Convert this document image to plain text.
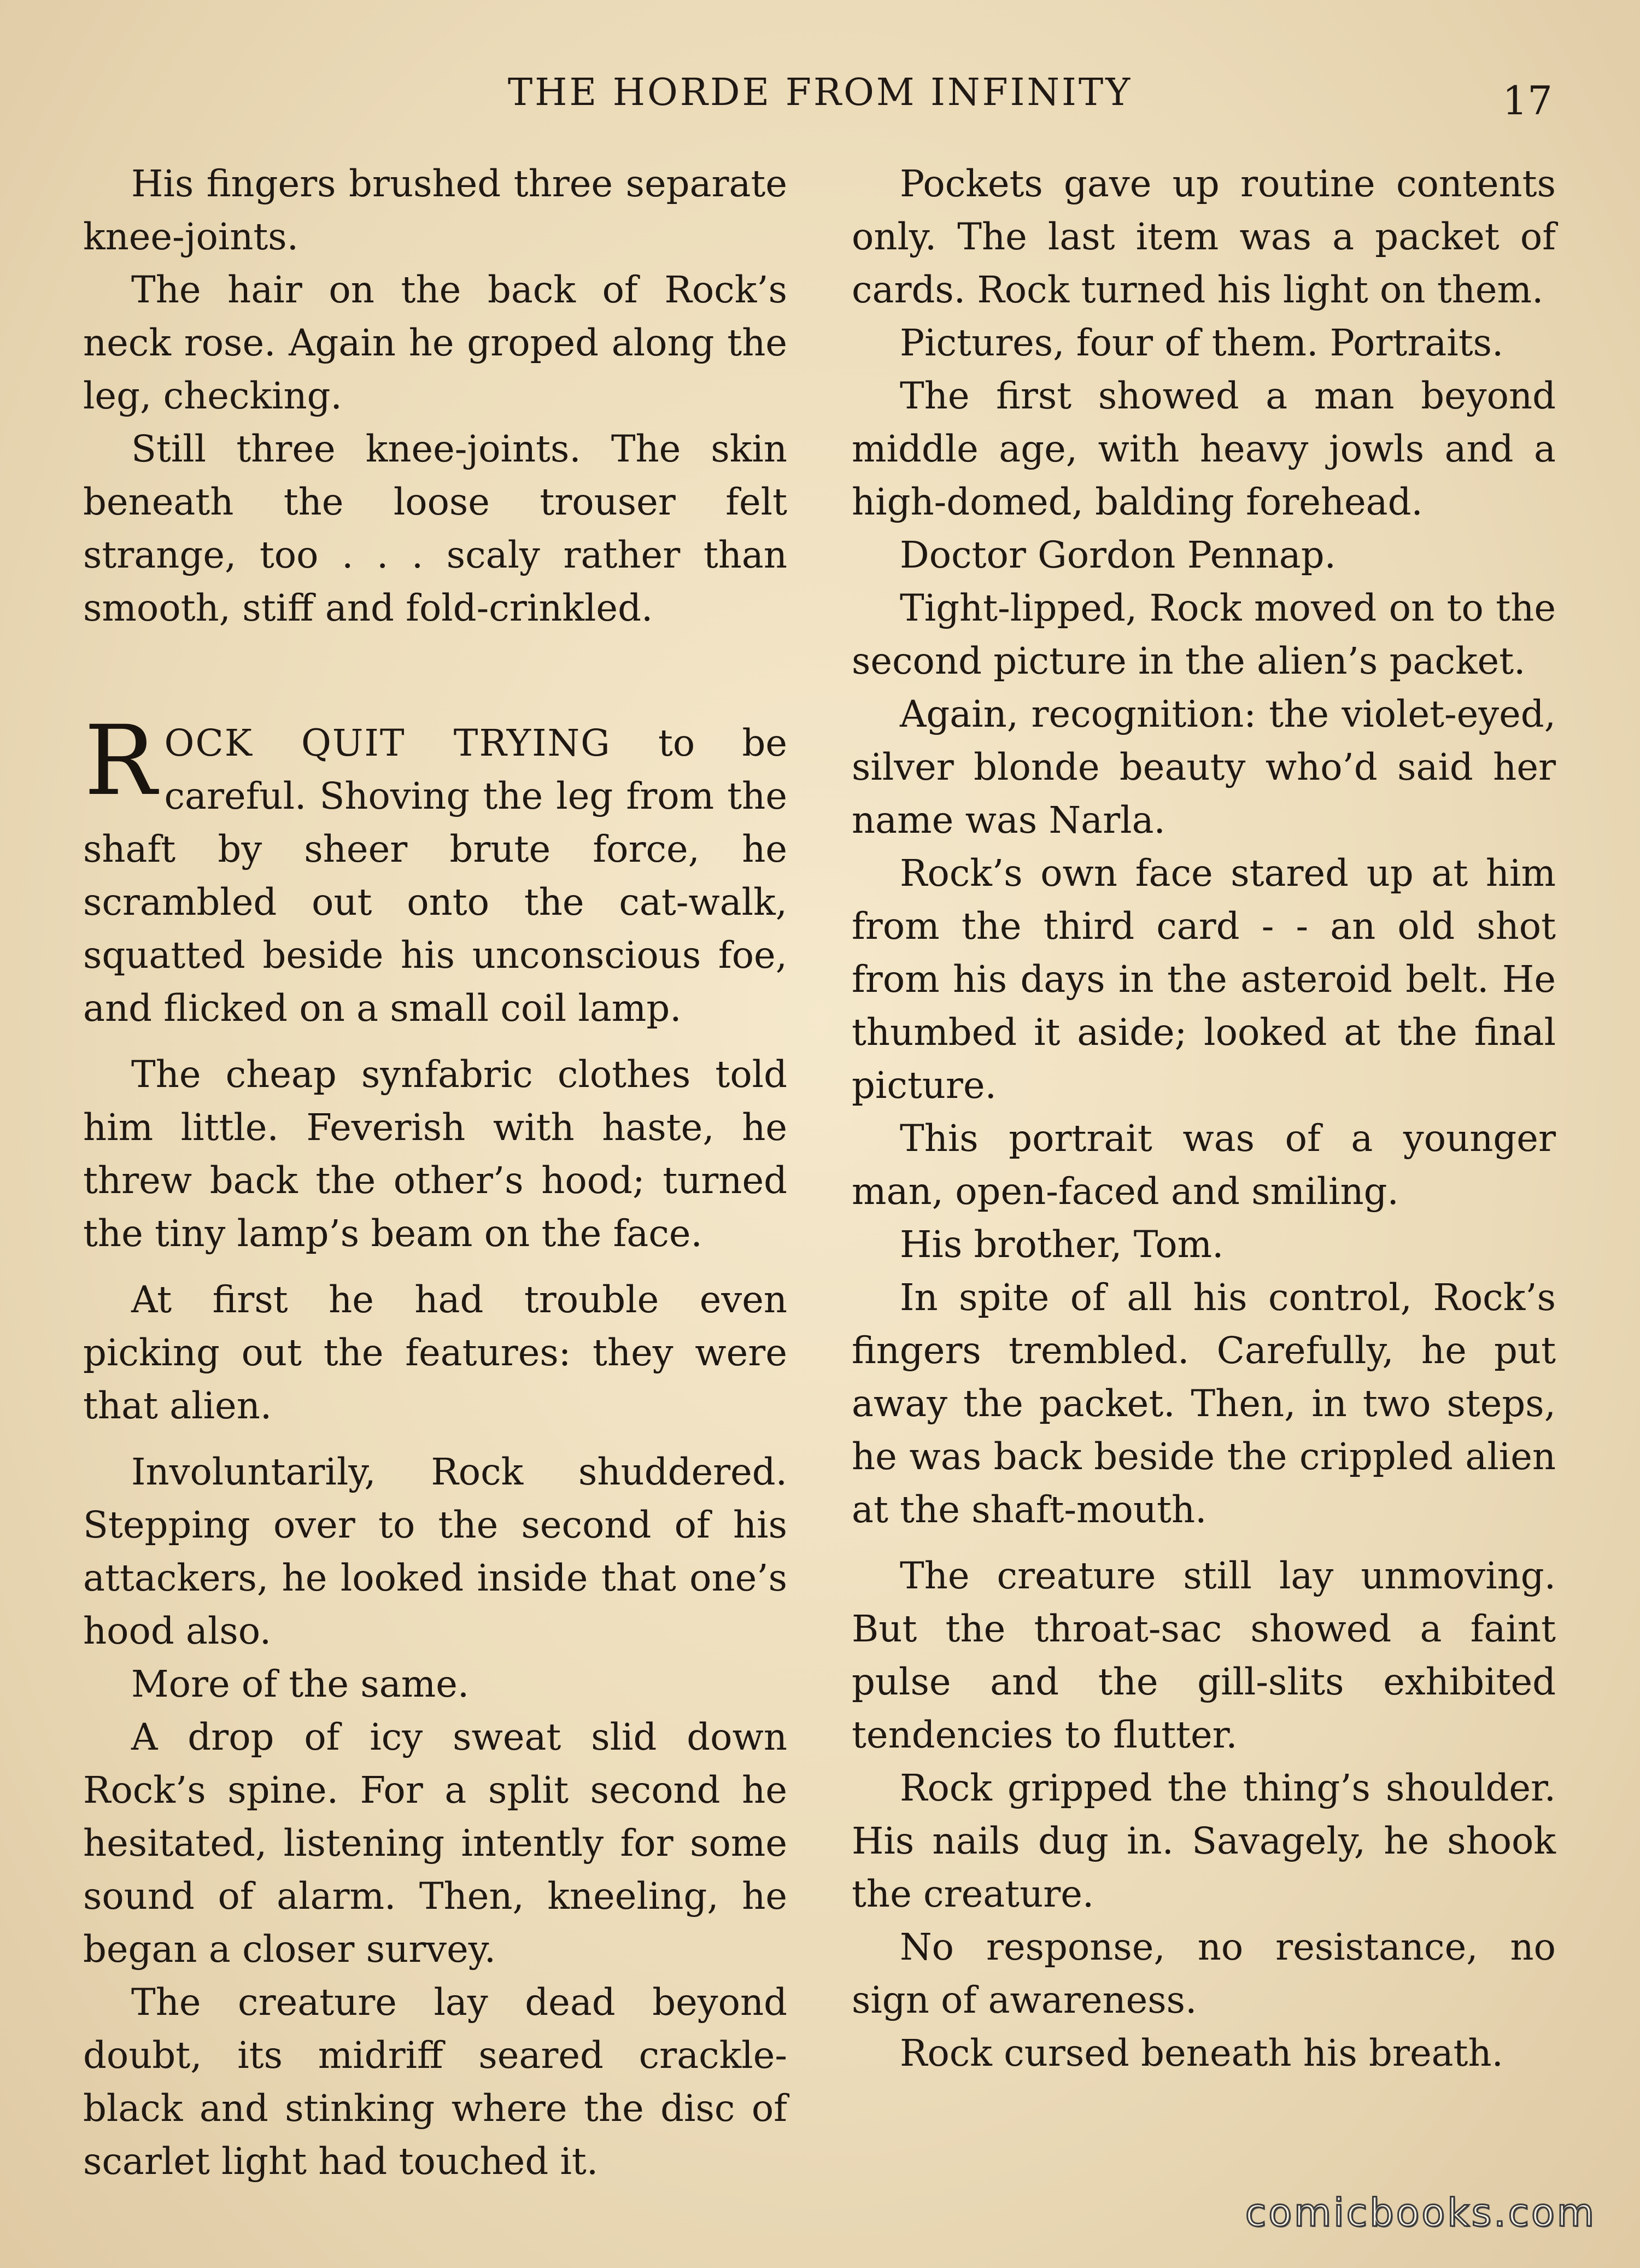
THE HORDE FROM INFINITY	17

His fingers brushed three separate knee-joints.

The hair on the back of Rock’s neck rose. Again he groped along the leg, checking.

Still three knee-joints. The skin beneath the loose trouser felt strange, too . . . scaly rather than smooth, stiff and fold-crinkled.

ROCK QUIT TRYING to be careful. Shoving the leg from the shaft by sheer brute force, he scrambled out onto the cat-walk, squatted beside his unconscious foe, and flicked on a small coil lamp.

The cheap synfabric clothes told him little. Feverish with haste, he threw back the other’s hood; turned the tiny lamp’s beam on the face.

At first he had trouble even picking out the features: they were that alien.

Involuntarily, Rock shuddered. Stepping over to the second of his attackers, he looked inside that one’s hood also.

More of the same.

A drop of icy sweat slid down Rock’s spine. For a split second he hesitated, listening intently for some sound of alarm. Then, kneeling, he began a closer survey.

The creature lay dead beyond doubt, its midriff seared crackle-black and stinking where the disc of scarlet light had touched it.

Pockets gave up routine contents only. The last item was a packet of cards. Rock turned his light on them.

Pictures, four of them. Portraits.

The first showed a man beyond middle age, with heavy jowls and a high-domed, balding forehead.

Doctor Gordon Pennap.

Tight-lipped, Rock moved on to the second picture in the alien’s packet.

Again, recognition: the violet-eyed, silver blonde beauty who’d said her name was Narla.

Rock’s own face stared up at him from the third card - - an old shot from his days in the asteroid belt. He thumbed it aside; looked at the final picture.

This portrait was of a younger man, open-faced and smiling.

His brother, Tom.

In spite of all his control, Rock’s fingers trembled. Carefully, he put away the packet. Then, in two steps, he was back beside the crippled alien at the shaft-mouth.

The creature still lay unmoving. But the throat-sac showed a faint pulse and the gill-slits exhibited tendencies to flutter.

Rock gripped the thing’s shoulder. His nails dug in. Savagely, he shook the creature.

No response, no resistance, no sign of awareness.

Rock cursed beneath his breath.

comicbooks.com
